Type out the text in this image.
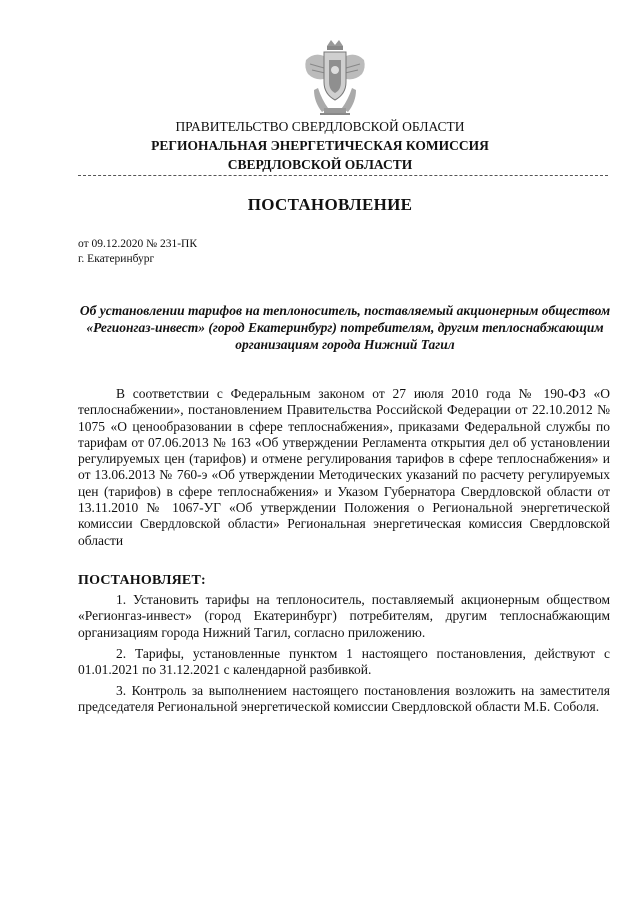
ПРАВИТЕЛЬСТВО СВЕРДЛОВСКОЙ ОБЛАСТИ
РЕГИОНАЛЬНАЯ ЭНЕРГЕТИЧЕСКАЯ КОМИССИЯ
СВЕРДЛОВСКОЙ ОБЛАСТИ
ПОСТАНОВЛЕНИЕ
от 09.12.2020 № 231-ПК
г. Екатеринбург
Об установлении тарифов на теплоноситель, поставляемый акционерным обществом «Регионгаз-инвест» (город Екатеринбург) потребителям, другим теплоснабжающим организациям города Нижний Тагил
В соответствии с Федеральным законом от 27 июля 2010 года № 190-ФЗ «О теплоснабжении», постановлением Правительства Российской Федерации от 22.10.2012 № 1075 «О ценообразовании в сфере теплоснабжения», приказами Федеральной службы по тарифам от 07.06.2013 № 163 «Об утверждении Регламента открытия дел об установлении регулируемых цен (тарифов) и отмене регулирования тарифов в сфере теплоснабжения» и от 13.06.2013 № 760-э «Об утверждении Методических указаний по расчету регулируемых цен (тарифов) в сфере теплоснабжения» и Указом Губернатора Свердловской области от 13.11.2010 № 1067-УГ «Об утверждении Положения о Региональной энергетической комиссии Свердловской области» Региональная энергетическая комиссия Свердловской области
ПОСТАНОВЛЯЕТ:
1. Установить тарифы на теплоноситель, поставляемый акционерным обществом «Регионгаз-инвест» (город Екатеринбург) потребителям, другим теплоснабжающим организациям города Нижний Тагил, согласно приложению.
2. Тарифы, установленные пунктом 1 настоящего постановления, действуют с 01.01.2021 по 31.12.2021 с календарной разбивкой.
3. Контроль за выполнением настоящего постановления возложить на заместителя председателя Региональной энергетической комиссии Свердловской области М.Б. Соболя.
